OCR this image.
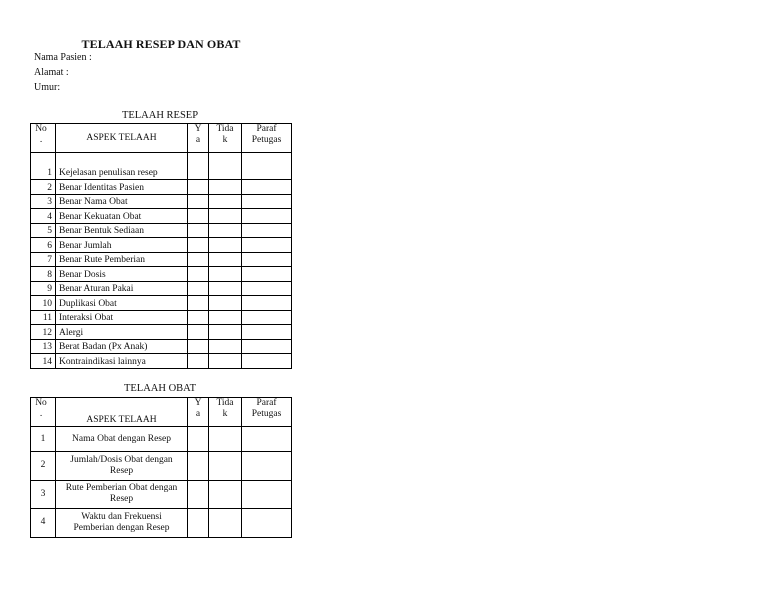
TELAAH RESEP DAN OBAT
Nama Pasien :
Alamat :
Umur:
TELAAH RESEP
No .	ASPEK TELAAH	Y a	Tida k	Paraf Petugas
1	Kejelasan penulisan resep			
2	Benar Identitas Pasien			
3	Benar Nama Obat			
4	Benar Kekuatan Obat			
5	Benar Bentuk Sediaan			
6	Benar Jumlah			
7	Benar Rute Pemberian			
8	Benar Dosis			
9	Benar Aturan Pakai			
10	Duplikasi Obat			
11	Interaksi Obat			
12	Alergi			
13	Berat Badan (Px Anak)			
14	Kontraindikasi lainnya			
TELAAH OBAT
No .	ASPEK TELAAH	Y a	Tida k	Paraf Petugas
1	Nama Obat dengan Resep			
2	Jumlah/Dosis Obat dengan Resep			
3	Rute Pemberian Obat dengan Resep			
4	Waktu dan Frekuensi Pemberian dengan Resep			
